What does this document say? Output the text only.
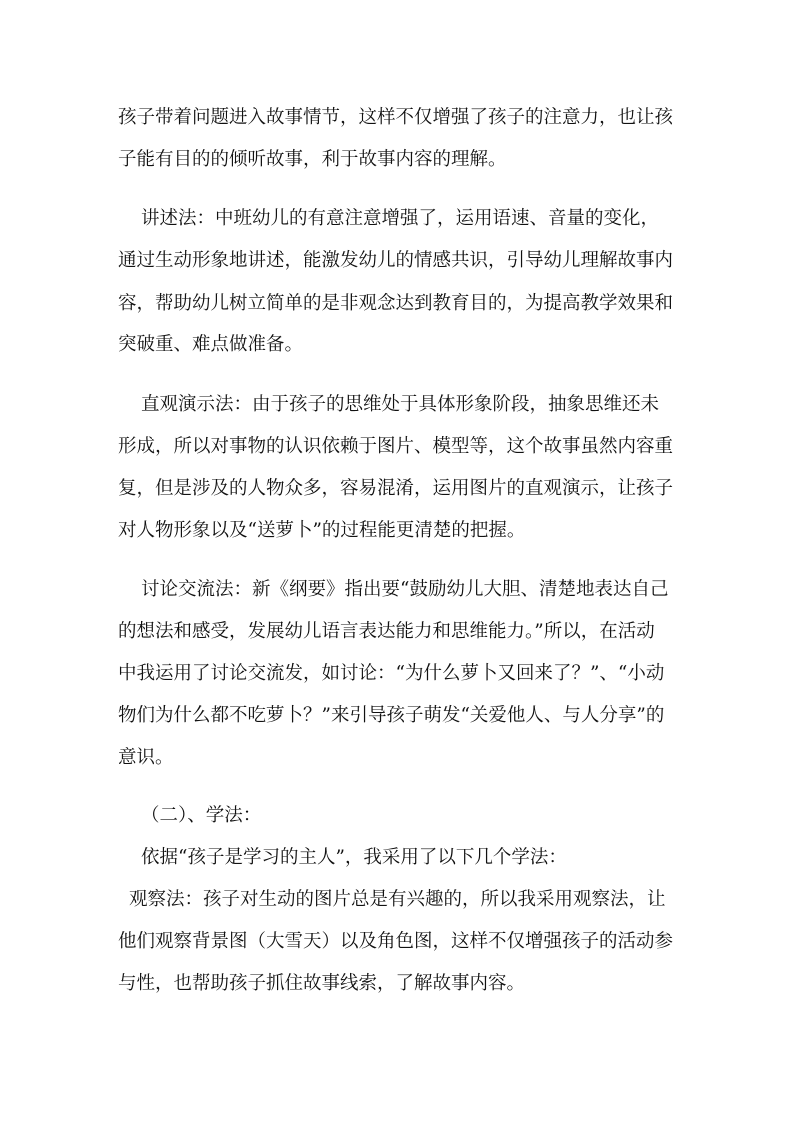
孩子带着问题进入故事情节，这样不仅增强了孩子的注意力，也让孩
子能有目的的倾听故事，利于故事内容的理解。
讲述法：中班幼儿的有意注意增强了，运用语速、音量的变化，
通过生动形象地讲述，能激发幼儿的情感共识，引导幼儿理解故事内
容，帮助幼儿树立简单的是非观念达到教育目的，为提高教学效果和
突破重、难点做准备。
直观演示法：由于孩子的思维处于具体形象阶段，抽象思维还未
形成，所以对事物的认识依赖于图片、模型等，这个故事虽然内容重
复，但是涉及的人物众多，容易混淆，运用图片的直观演示，让孩子
对人物形象以及“送萝卜”的过程能更清楚的把握。
讨论交流法：新《纲要》指出要“鼓励幼儿大胆、清楚地表达自己
的想法和感受，发展幼儿语言表达能力和思维能力。”所以，在活动
中我运用了讨论交流发，如讨论：“为什么萝卜又回来了？”、“小动
物们为什么都不吃萝卜？”来引导孩子萌发“关爱他人、与人分享”的
意识。
（二）、学法：
依据“孩子是学习的主人”，我采用了以下几个学法：
观察法：孩子对生动的图片总是有兴趣的，所以我采用观察法，让
他们观察背景图（大雪天）以及角色图，这样不仅增强孩子的活动参
与性，也帮助孩子抓住故事线索，了解故事内容。
